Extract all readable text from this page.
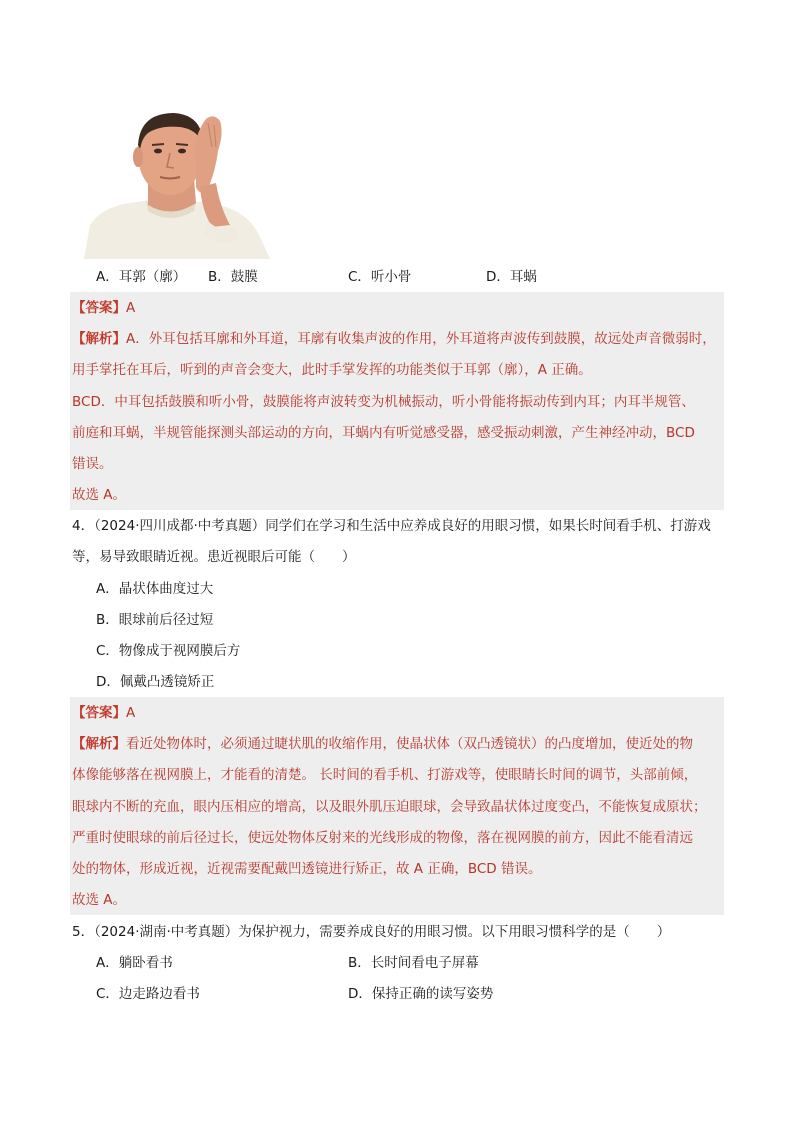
A．耳郭（廓） B．鼓膜	C．听小骨	D．耳蜗
【答案】A
【解析】A．外耳包括耳廓和外耳道，耳廓有收集声波的作用，外耳道将声波传到鼓膜，故远处声音微弱时，
用手掌托在耳后，听到的声音会变大，此时手掌发挥的功能类似于耳郭（廓），A 正确。
BCD．中耳包括鼓膜和听小骨，鼓膜能将声波转变为机械振动，听小骨能将振动传到内耳；内耳半规管、
前庭和耳蜗，半规管能探测头部运动的方向，耳蜗内有听觉感受器，感受振动刺激，产生神经冲动，BCD
错误。
故选 A。
4．（2024·四川成都·中考真题）同学们在学习和生活中应养成良好的用眼习惯，如果长时间看手机、打游戏
等，易导致眼睛近视。患近视眼后可能（　　）
A．晶状体曲度过大
B．眼球前后径过短
C．物像成于视网膜后方
D．佩戴凸透镜矫正
【答案】A
【解析】看近处物体时，必须通过睫状肌的收缩作用，使晶状体（双凸透镜状）的凸度增加，使近处的物
体像能够落在视网膜上，才能看的清楚。 长时间的看手机、打游戏等，使眼睛长时间的调节，头部前倾，
眼球内不断的充血，眼内压相应的增高，以及眼外肌压迫眼球，会导致晶状体过度变凸，不能恢复成原状；
严重时使眼球的前后径过长，使远处物体反射来的光线形成的物像，落在视网膜的前方，因此不能看清远
处的物体，形成近视，近视需要配戴凹透镜进行矫正，故 A 正确，BCD 错误。
故选 A。
5．（2024·湖南·中考真题）为保护视力，需要养成良好的用眼习惯。以下用眼习惯科学的是（　　）
A．躺卧看书	B．长时间看电子屏幕
C．边走路边看书	D．保持正确的读写姿势
